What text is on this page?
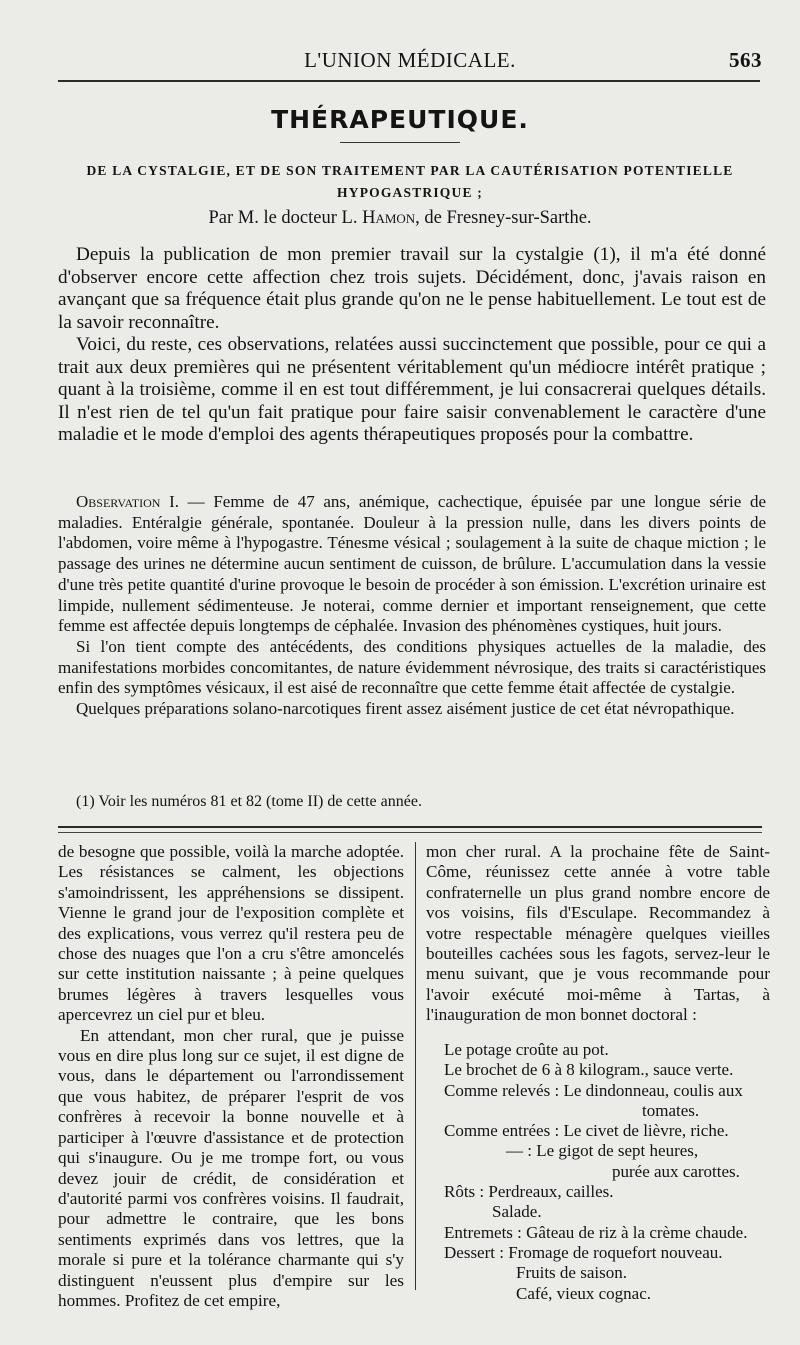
L'UNION MÉDICALE.	563
THÉRAPEUTIQUE.
DE LA CYSTALGIE, ET DE SON TRAITEMENT PAR LA CAUTÉRISATION POTENTIELLE HYPOGASTRIQUE ;
Par M. le docteur L. Hamon, de Fresney-sur-Sarthe.

Depuis la publication de mon premier travail sur la cystalgie (1), il m'a été donné d'observer encore cette affection chez trois sujets. Décidément, donc, j'avais raison en avançant que sa fréquence était plus grande qu'on ne le pense habituellement. Le tout est de la savoir reconnaître.

Voici, du reste, ces observations, relatées aussi succinctement que possible, pour ce qui a trait aux deux premières qui ne présentent véritablement qu'un médiocre intérêt pratique ; quant à la troisième, comme il en est tout différemment, je lui consacrerai quelques détails. Il n'est rien de tel qu'un fait pratique pour faire saisir convenablement le caractère d'une maladie et le mode d'emploi des agents thérapeutiques proposés pour la combattre.

Observation I. — Femme de 47 ans, anémique, cachectique, épuisée par une longue série de maladies. Entéralgie générale, spontanée. Douleur à la pression nulle, dans les divers points de l'abdomen, voire même à l'hypogastre. Ténesme vésical ; soulagement à la suite de chaque miction ; le passage des urines ne détermine aucun sentiment de cuisson, de brûlure. L'accumulation dans la vessie d'une très petite quantité d'urine provoque le besoin de procéder à son émission. L'excrétion urinaire est limpide, nullement sédimenteuse. Je noterai, comme dernier et important renseignement, que cette femme est affectée depuis longtemps de céphalée. Invasion des phénomènes cystiques, huit jours.

Si l'on tient compte des antécédents, des conditions physiques actuelles de la maladie, des manifestations morbides concomitantes, de nature évidemment névrosique, des traits si caractéristiques enfin des symptômes vésicaux, il est aisé de reconnaître que cette femme était affectée de cystalgie.

Quelques préparations solano-narcotiques firent assez aisément justice de cet état névropathique.

(1) Voir les numéros 81 et 82 (tome II) de cette année.

de besogne que possible, voilà la marche adoptée. Les résistances se calment, les objections s'amoindrissent, les appréhensions se dissipent. Vienne le grand jour de l'exposition complète et des explications, vous verrez qu'il restera peu de chose des nuages que l'on a cru s'être amoncelés sur cette institution naissante ; à peine quelques brumes légères à travers lesquelles vous apercevrez un ciel pur et bleu.

En attendant, mon cher rural, que je puisse vous en dire plus long sur ce sujet, il est digne de vous, dans le département ou l'arrondissement que vous habitez, de préparer l'esprit de vos confrères à recevoir la bonne nouvelle et à participer à l'œuvre d'assistance et de protection qui s'inaugure. Ou je me trompe fort, ou vous devez jouir de crédit, de considération et d'autorité parmi vos confrères voisins. Il faudrait, pour admettre le contraire, que les bons sentiments exprimés dans vos lettres, que la morale si pure et la tolérance charmante qui s'y distinguent n'eussent plus d'empire sur les hommes. Profitez de cet empire,

mon cher rural. A la prochaine fête de Saint-Côme, réunissez cette année à votre table confraternelle un plus grand nombre encore de vos voisins, fils d'Esculape. Recommandez à votre respectable ménagère quelques vieilles bouteilles cachées sous les fagots, servez-leur le menu suivant, que je vous recommande pour l'avoir exécuté moi-même à Tartas, à l'inauguration de mon bonnet doctoral :

Le potage croûte au pot.
Le brochet de 6 à 8 kilogram., sauce verte.
Comme relevés : Le dindonneau, coulis aux
tomates.
Comme entrées : Le civet de lièvre, riche.
— : Le gigot de sept heures,
purée aux carottes.
Rôts : Perdreaux, cailles.
Salade.
Entremets : Gâteau de riz à la crème chaude.
Dessert : Fromage de roquefort nouveau.
Fruits de saison.
Café, vieux cognac.
